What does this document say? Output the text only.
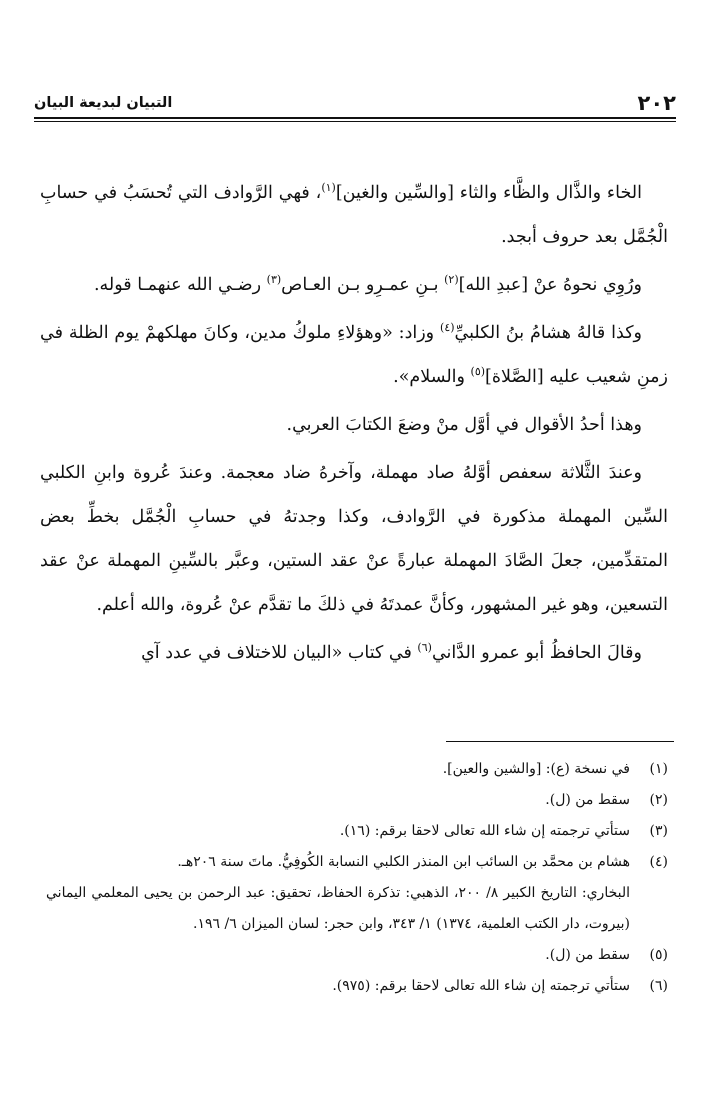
٢٠٢
التبيان لبديعة البيان

الخاء والذَّال والظَّاء والثاء [والسِّين والغين]$^{(١)}$، فهي الرَّوادف التي تُحسَبُ في حسابِ الْجُمَّل بعد حروف أبجد.

ورُوِي نحوهُ عنْ [عبدِ الله]$^{(٢)}$ بـنِ عمـرِو بـن العـاص$^{(٣)}$ رضـي الله عنهمـا قوله.

وكذا قالهُ هشامُ بنُ الكلبيِّ$^{(٤)}$ وزاد: «وهؤلاءِ ملوكُ مدين، وكانَ مهلكهمْ يوم الظلة في زمنِ شعيب عليه [الصَّلاة]$^{(٥)}$ والسلام».

وهذا أحدُ الأقوال في أوَّل منْ وضعَ الكتابَ العربي.

وعندَ الثَّلاثة سعفص أوَّلهُ صاد مهملة، وآخرهُ ضاد معجمة. وعندَ عُروة وابنِ الكلبي السِّين المهملة مذكورة في الرَّوادف، وكذا وجدتهُ في حسابِ الْجُمَّل بخطِّ بعض المتقدِّمين، جعلَ الصَّادَ المهملة عبارةً عنْ عقد الستين، وعبَّر بالسِّينِ المهملة عنْ عقد التسعين، وهو غير المشهور، وكأنَّ عمدتَهُ في ذلكَ ما تقدَّم عنْ عُروة، والله أعلم.

وقالَ الحافظُ أبو عمرو الدَّاني$^{(٦)}$ في كتاب «البيان للاختلاف في عدد آي

(١)
في نسخة (ع): [والشين والعين].
(٢)
سقط من (ل).
(٣)
ستأتي ترجمته إن شاء الله تعالى لاحقا برقم: (١٦).
(٤)
هشام بن محمَّد بن السائب ابن المنذر الكلبي النسابة الكُوفِيُّ. ماتَ سنة ٢٠٦هـ.
البخاري: التاريخ الكبير ٨/ ٢٠٠، الذهبي: تذكرة الحفاظ، تحقيق: عبد الرحمن بن يحيى المعلمي اليماني (بيروت، دار الكتب العلمية، ١٣٧٤) ١/ ٣٤٣، وابن حجر: لسان الميزان ٦/ ١٩٦.
(٥)
سقط من (ل).
(٦)
ستأتي ترجمته إن شاء الله تعالى لاحقا برقم: (٩٧٥).
